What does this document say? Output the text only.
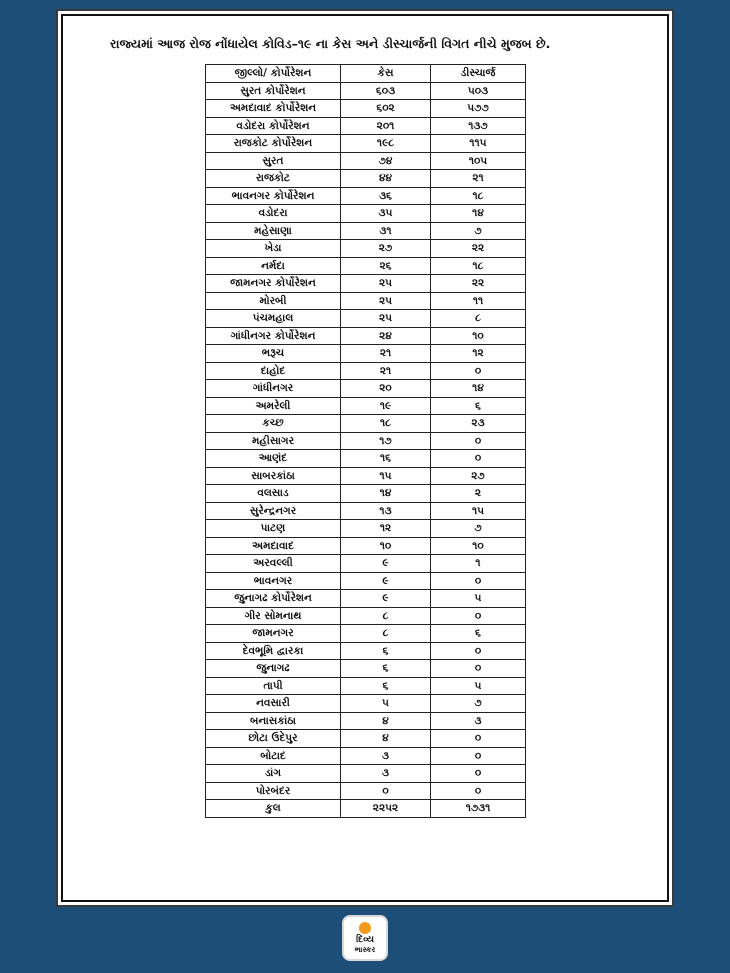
રાજ્યમાં આજ રોજ નોંધાયેલ કોવિડ–૧૯ ના કેસ અને ડીસ્ચાર્જની વિગત નીચે મુજબ છે.
જીલ્લો/ કોર્પોરેશન	કેસ	ડીસ્ચાર્જ
સુરત કોર્પોરેશન	૬૦૩	૫૦૩
અમદાવાદ કોર્પોરેશન	૬૦૨	૫૭૭
વડોદરા કોર્પોરેશન	૨૦૧	૧૩૭
રાજકોટ કોર્પોરેશન	૧૯૮	૧૧૫
સુરત	૭૪	૧૦૫
રાજકોટ	૪૪	૨૧
ભાવનગર કોર્પોરેશન	૩૬	૧૮
વડોદરા	૩૫	૧૪
મહેસાણા	૩૧	૭
ખેડા	૨૭	૨૨
નર્મદા	૨૬	૧૮
જામનગર કોર્પોરેશન	૨૫	૨૨
મોરબી	૨૫	૧૧
પંચમહાલ	૨૫	૮
ગાંધીનગર કોર્પોરેશન	૨૪	૧૦
ભરૂચ	૨૧	૧૨
દાહોદ	૨૧	૦
ગાંધીનગર	૨૦	૧૪
અમરેલી	૧૯	૬
કચ્છ	૧૮	૨૩
મહીસાગર	૧૭	૦
આણંદ	૧૬	૦
સાબરકાંઠા	૧૫	૨૭
વલસાડ	૧૪	૨
સુરેન્દ્રનગર	૧૩	૧૫
પાટણ	૧૨	૭
અમદાવાદ	૧૦	૧૦
અરવલ્લી	૯	૧
ભાવનગર	૯	૦
જુનાગઢ કોર્પોરેશન	૯	૫
ગીર સોમનાથ	૮	૦
જામનગર	૮	૬
દેવભૂમિ દ્વારકા	૬	૦
જુનાગઢ	૬	૦
તાપી	૬	૫
નવસારી	૫	૭
બનાસકાંઠા	૪	૩
છોટા ઉદેપુર	૪	૦
બોટાદ	૩	૦
ડાંગ	૩	૦
પોરબંદર	૦	૦
કુલ	૨૨૫૨	૧૭૩૧
દિવ્ય
ભાસ્કર
